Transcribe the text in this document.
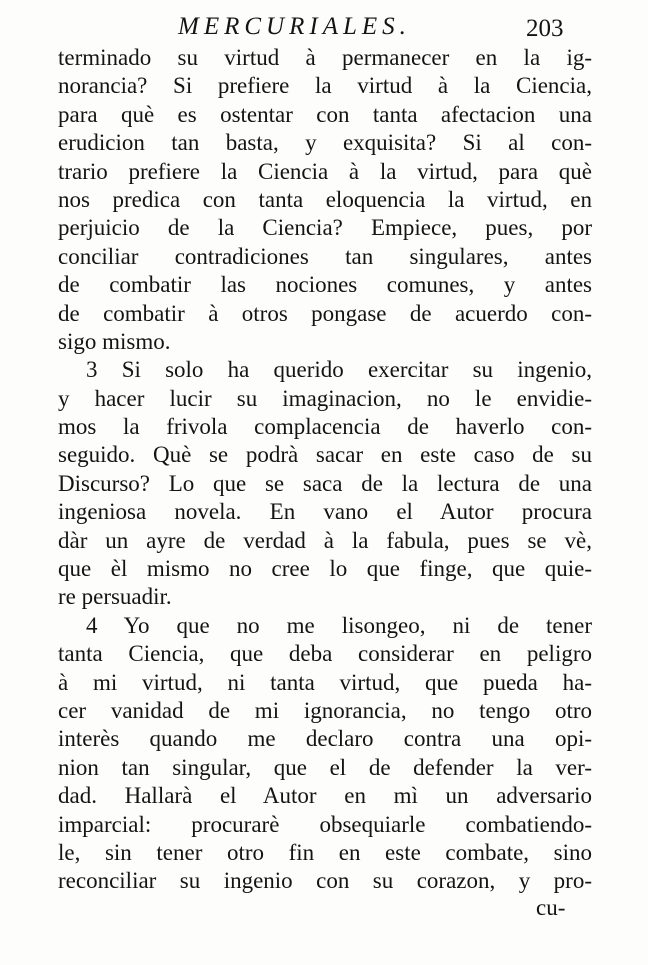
MERCURIALES.	203
terminado su virtud à permanecer en la ig-
norancia? Si prefiere la virtud à la Ciencia,
para què es ostentar con tanta afectacion una
erudicion tan basta, y exquisita? Si al con-
trario prefiere la Ciencia à la virtud, para què
nos predica con tanta eloquencia la virtud, en
perjuicio de la Ciencia? Empiece, pues, por
conciliar contradiciones tan singulares, antes
de combatir las nociones comunes, y antes
de combatir à otros pongase de acuerdo con-
sigo mismo.
3 Si solo ha querido exercitar su ingenio,
y hacer lucir su imaginacion, no le envidie-
mos la frivola complacencia de haverlo con-
seguido. Què se podrà sacar en este caso de su
Discurso? Lo que se saca de la lectura de una
ingeniosa novela. En vano el Autor procura
dàr un ayre de verdad à la fabula, pues se vè,
que èl mismo no cree lo que finge, que quie-
re persuadir.
4 Yo que no me lisongeo, ni de tener
tanta Ciencia, que deba considerar en peligro
à mi virtud, ni tanta virtud, que pueda ha-
cer vanidad de mi ignorancia, no tengo otro
interès quando me declaro contra una opi-
nion tan singular, que el de defender la ver-
dad. Hallarà el Autor en mì un adversario
imparcial: procurarè obsequiarle combatiendo-
le, sin tener otro fin en este combate, sino
reconciliar su ingenio con su corazon, y pro-
cu-
